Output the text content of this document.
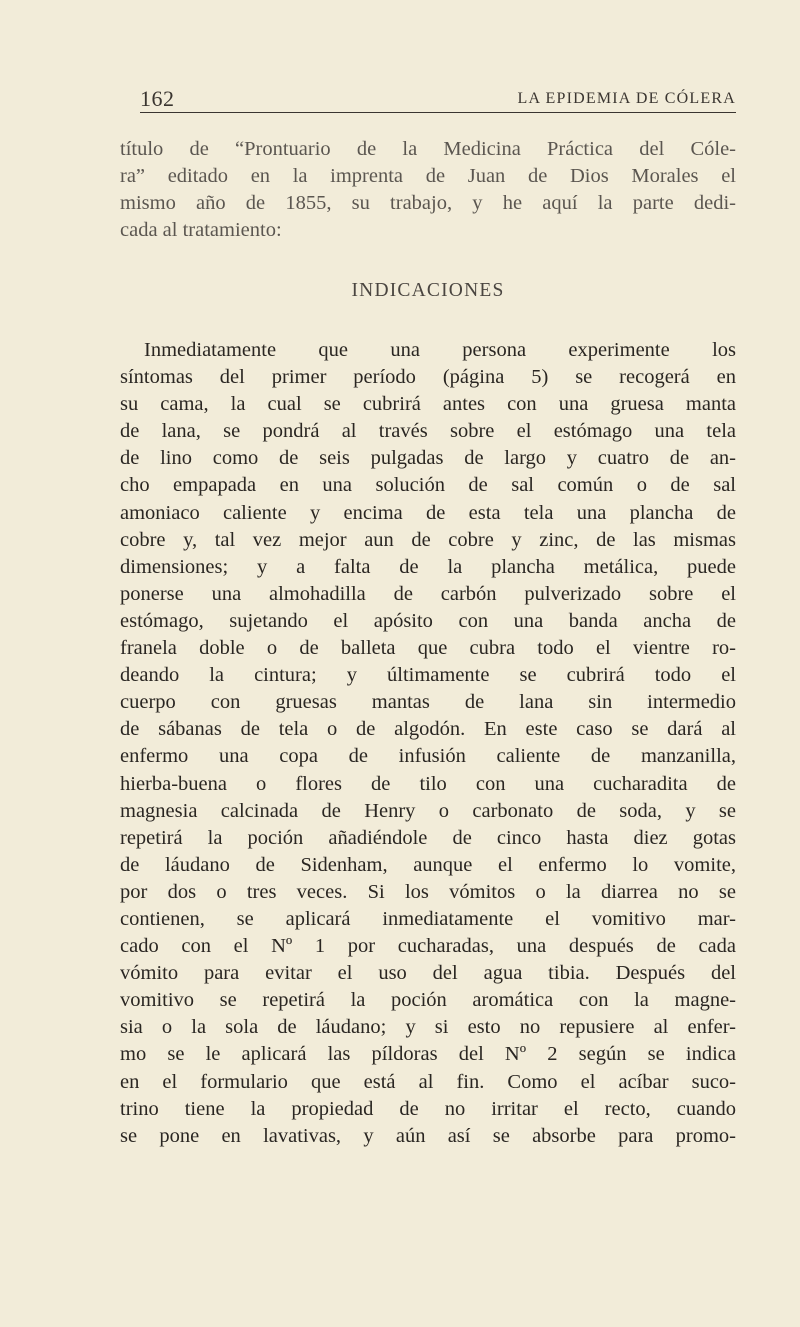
162	LA EPIDEMIA DE CÓLERA
título de “Prontuario de la Medicina Práctica del Cóle-
ra” editado en la imprenta de Juan de Dios Morales el
mismo año de 1855, su trabajo, y he aquí la parte dedi-
cada al tratamiento:
INDICACIONES
Inmediatamente que una persona experimente los
síntomas del primer período (página 5) se recogerá en
su cama, la cual se cubrirá antes con una gruesa manta
de lana, se pondrá al través sobre el estómago una tela
de lino como de seis pulgadas de largo y cuatro de an-
cho empapada en una solución de sal común o de sal
amoniaco caliente y encima de esta tela una plancha de
cobre y, tal vez mejor aun de cobre y zinc, de las mismas
dimensiones; y a falta de la plancha metálica, puede
ponerse una almohadilla de carbón pulverizado sobre el
estómago, sujetando el apósito con una banda ancha de
franela doble o de balleta que cubra todo el vientre ro-
deando la cintura; y últimamente se cubrirá todo el
cuerpo con gruesas mantas de lana sin intermedio
de sábanas de tela o de algodón. En este caso se dará al
enfermo una copa de infusión caliente de manzanilla,
hierba-buena o flores de tilo con una cucharadita de
magnesia calcinada de Henry o carbonato de soda, y se
repetirá la poción añadiéndole de cinco hasta diez gotas
de láudano de Sidenham, aunque el enfermo lo vomite,
por dos o tres veces. Si los vómitos o la diarrea no se
contienen, se aplicará inmediatamente el vomitivo mar-
cado con el Nº 1 por cucharadas, una después de cada
vómito para evitar el uso del agua tibia. Después del
vomitivo se repetirá la poción aromática con la magne-
sia o la sola de láudano; y si esto no repusiere al enfer-
mo se le aplicará las píldoras del Nº 2 según se indica
en el formulario que está al fin. Como el acíbar suco-
trino tiene la propiedad de no irritar el recto, cuando
se pone en lavativas, y aún así se absorbe para promo-
